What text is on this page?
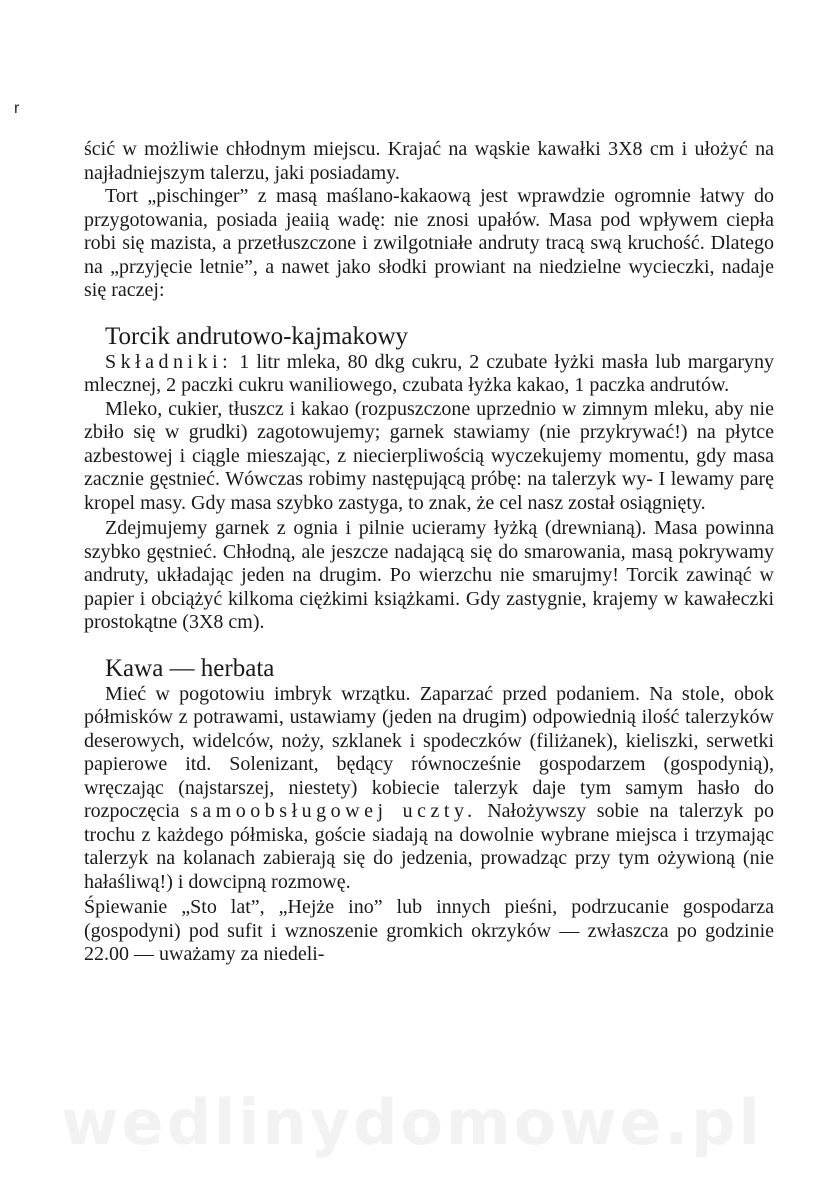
r

ścić w możliwie chłodnym miejscu. Krajać na wąskie kawałki 3X8 cm i ułożyć na najładniejszym talerzu, jaki posiadamy.

Tort „pischinger” z masą maślano-kakaową jest wprawdzie ogromnie łatwy do przygotowania, posiada jeaiią wadę: nie znosi upałów. Masa pod wpływem ciepła robi się mazista, a przetłuszczone i zwilgotniałe andruty tracą swą kruchość. Dlatego na „przyjęcie letnie”, a nawet jako słodki prowiant na niedzielne wycieczki, nadaje się raczej:

Torcik andrutowo-kajmakowy

Składniki: 1 litr mleka, 80 dkg cukru, 2 czubate łyżki masła lub margaryny mlecznej, 2 paczki cukru waniliowego, czubata łyżka kakao, 1 paczka andrutów.

Mleko, cukier, tłuszcz i kakao (rozpuszczone uprzednio w zimnym mleku, aby nie zbiło się w grudki) zagotowujemy; garnek stawiamy (nie przykrywać!) na płytce azbestowej i ciągle mieszając, z niecierpliwością wyczekujemy momentu, gdy masa zacznie gęstnieć. Wówczas robimy następującą próbę: na talerzyk wy- I lewamy parę kropel masy. Gdy masa szybko zastyga, to znak, że cel nasz został osiągnięty.

Zdejmujemy garnek z ognia i pilnie ucieramy łyżką (drewnianą). Masa powinna szybko gęstnieć. Chłodną, ale jeszcze nadającą się do smarowania, masą pokrywamy andruty, układając jeden na drugim. Po wierzchu nie smarujmy! Torcik zawinąć w papier i obciążyć kilkoma ciężkimi książkami. Gdy zastygnie, krajemy w kawałeczki prostokątne (3X8 cm).

Kawa — herbata

Mieć w pogotowiu imbryk wrzątku. Zaparzać przed podaniem. Na stole, obok półmisków z potrawami, ustawiamy (jeden na drugim) odpowiednią ilość talerzyków deserowych, widelców, noży, szklanek i spodeczków (filiżanek), kieliszki, serwetki papierowe itd. Solenizant, będący równocześnie gospodarzem (gospodynią), wręczając (najstarszej, niestety) kobiecie talerzyk daje tym samym hasło do rozpoczęcia samoobsługowej uczty. Nałożywszy sobie na talerzyk po trochu z każdego półmiska, goście siadają na dowolnie wybrane miejsca i trzymając talerzyk na kolanach zabierają się do jedzenia, prowadząc przy tym ożywioną (nie hałaśliwą!) i dowcipną rozmowę.

Śpiewanie „Sto lat”, „Hejże ino” lub innych pieśni, podrzucanie gospodarza (gospodyni) pod sufit i wznoszenie gromkich okrzyków — zwłaszcza po godzinie 22.00 — uważamy za niedeli-

wedlinydomowe.pl
